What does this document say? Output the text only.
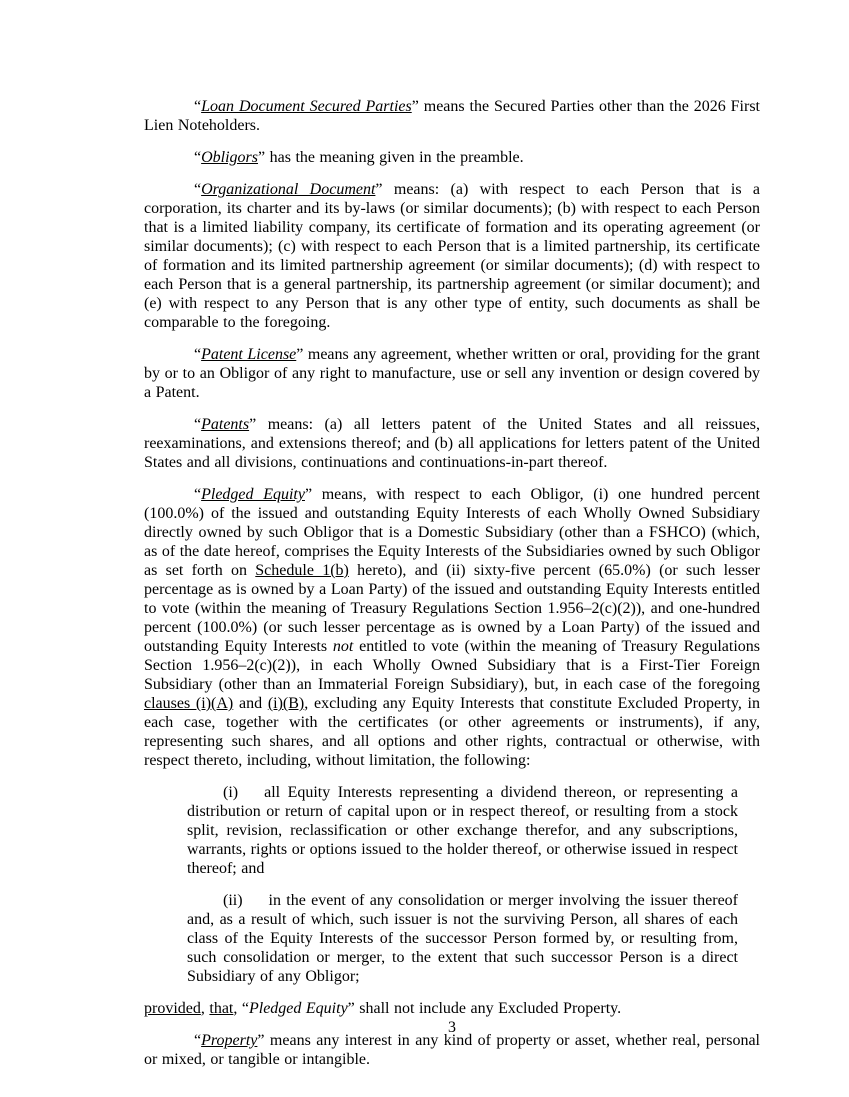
“Loan Document Secured Parties” means the Secured Parties other than the 2026 First Lien Noteholders.

“Obligors” has the meaning given in the preamble.

“Organizational Document” means: (a) with respect to each Person that is a corporation, its charter and its by-laws (or similar documents); (b) with respect to each Person that is a limited liability company, its certificate of formation and its operating agreement (or similar documents); (c) with respect to each Person that is a limited partnership, its certificate of formation and its limited partnership agreement (or similar documents); (d) with respect to each Person that is a general partnership, its partnership agreement (or similar document); and (e) with respect to any Person that is any other type of entity, such documents as shall be comparable to the foregoing.

“Patent License” means any agreement, whether written or oral, providing for the grant by or to an Obligor of any right to manufacture, use or sell any invention or design covered by a Patent.

“Patents” means: (a) all letters patent of the United States and all reissues, reexaminations, and extensions thereof; and (b) all applications for letters patent of the United States and all divisions, continuations and continuations-in-part thereof.

“Pledged Equity” means, with respect to each Obligor, (i) one hundred percent (100.0%) of the issued and outstanding Equity Interests of each Wholly Owned Subsidiary directly owned by such Obligor that is a Domestic Subsidiary (other than a FSHCO) (which, as of the date hereof, comprises the Equity Interests of the Subsidiaries owned by such Obligor as set forth on Schedule 1(b) hereto), and (ii) sixty-five percent (65.0%) (or such lesser percentage as is owned by a Loan Party) of the issued and outstanding Equity Interests entitled to vote (within the meaning of Treasury Regulations Section 1.956–2(c)(2)), and one-hundred percent (100.0%) (or such lesser percentage as is owned by a Loan Party) of the issued and outstanding Equity Interests not entitled to vote (within the meaning of Treasury Regulations Section 1.956–2(c)(2)), in each Wholly Owned Subsidiary that is a First-Tier Foreign Subsidiary (other than an Immaterial Foreign Subsidiary), but, in each case of the foregoing clauses (i)(A) and (i)(B), excluding any Equity Interests that constitute Excluded Property, in each case, together with the certificates (or other agreements or instruments), if any, representing such shares, and all options and other rights, contractual or otherwise, with respect thereto, including, without limitation, the following:

(i) all Equity Interests representing a dividend thereon, or representing a distribution or return of capital upon or in respect thereof, or resulting from a stock split, revision, reclassification or other exchange therefor, and any subscriptions, warrants, rights or options issued to the holder thereof, or otherwise issued in respect thereof; and

(ii) in the event of any consolidation or merger involving the issuer thereof and, as a result of which, such issuer is not the surviving Person, all shares of each class of the Equity Interests of the successor Person formed by, or resulting from, such consolidation or merger, to the extent that such successor Person is a direct Subsidiary of any Obligor;

provided, that, “Pledged Equity” shall not include any Excluded Property.

“Property” means any interest in any kind of property or asset, whether real, personal or mixed, or tangible or intangible.

3
